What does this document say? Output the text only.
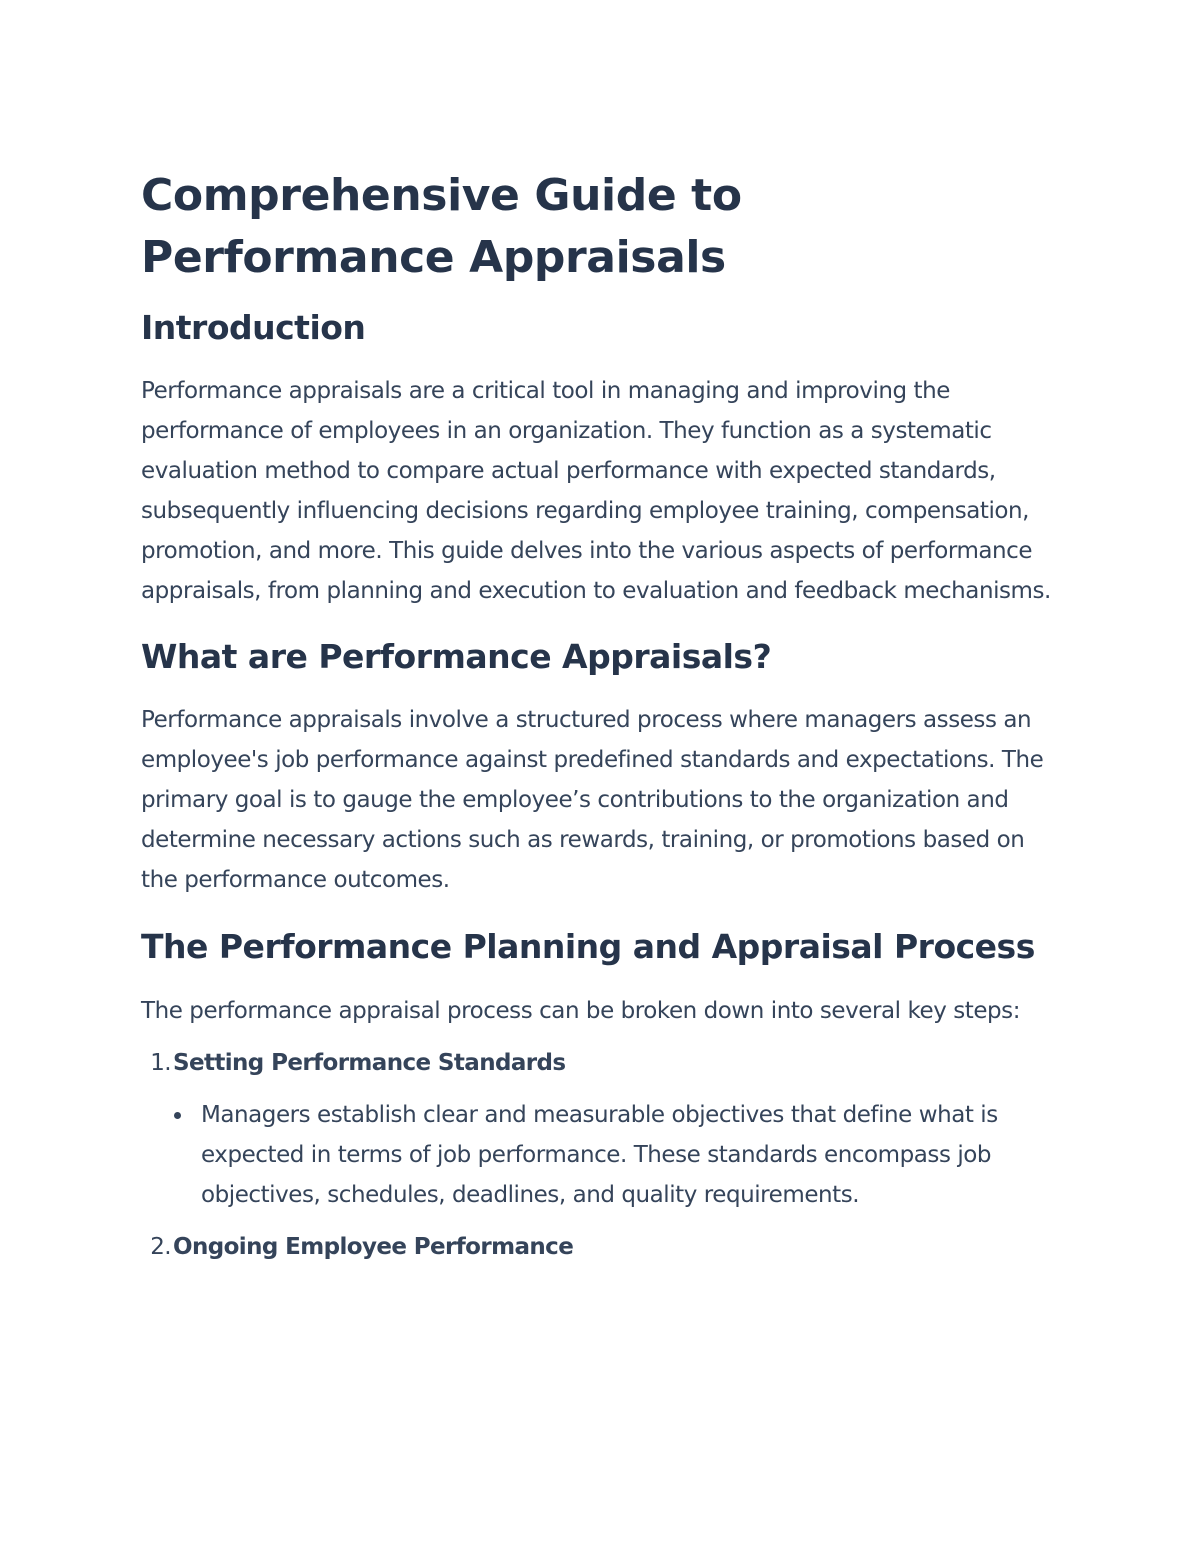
Comprehensive Guide to Performance Appraisals
Introduction

Performance appraisals are a critical tool in managing and improving the performance of employees in an organization. They function as a systematic evaluation method to compare actual performance with expected standards, subsequently influencing decisions regarding employee training, compensation, promotion, and more. This guide delves into the various aspects of performance appraisals, from planning and execution to evaluation and feedback mechanisms.

What are Performance Appraisals?

Performance appraisals involve a structured process where managers assess an employee's job performance against predefined standards and expectations. The primary goal is to gauge the employee’s contributions to the organization and determine necessary actions such as rewards, training, or promotions based on the performance outcomes.

The Performance Planning and Appraisal Process

The performance appraisal process can be broken down into several key steps:

1.Setting Performance Standards
Managers establish clear and measurable objectives that define what is expected in terms of job performance. These standards encompass job objectives, schedules, deadlines, and quality requirements.
2.Ongoing Employee Performance
